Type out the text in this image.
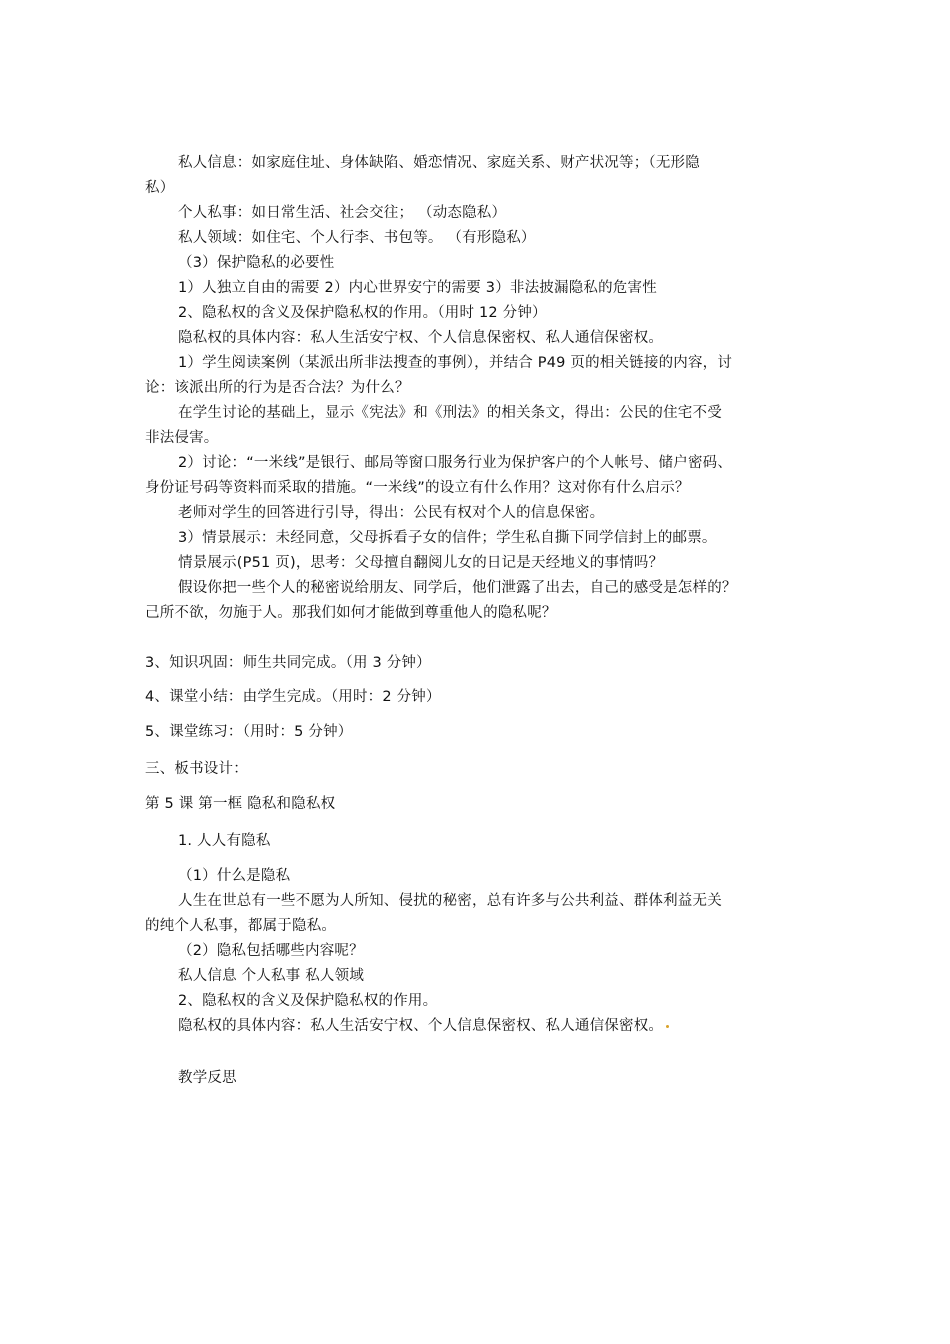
私人信息：如家庭住址、身体缺陷、婚恋情况、家庭关系、财产状况等；（无形隐
私）
个人私事：如日常生活、社会交往； （动态隐私）
私人领域：如住宅、个人行李、书包等。 （有形隐私）
（3）保护隐私的必要性
1）人独立自由的需要 2）内心世界安宁的需要 3）非法披漏隐私的危害性
2、隐私权的含义及保护隐私权的作用。（用时 12 分钟）
隐私权的具体内容：私人生活安宁权、个人信息保密权、私人通信保密权。
1）学生阅读案例（某派出所非法搜查的事例），并结合 P49 页的相关链接的内容，讨
论：该派出所的行为是否合法？为什么？
在学生讨论的基础上，显示《宪法》和《刑法》的相关条文，得出：公民的住宅不受
非法侵害。
2）讨论：“一米线”是银行、邮局等窗口服务行业为保护客户的个人帐号、储户密码、
身份证号码等资料而采取的措施。“一米线”的设立有什么作用？这对你有什么启示？
老师对学生的回答进行引导，得出：公民有权对个人的信息保密。
3）情景展示：未经同意，父母拆看子女的信件；学生私自撕下同学信封上的邮票。
情景展示(P51 页)，思考：父母擅自翻阅儿女的日记是天经地义的事情吗？
假设你把一些个人的秘密说给朋友、同学后，他们泄露了出去，自己的感受是怎样的？
己所不欲，勿施于人。那我们如何才能做到尊重他人的隐私呢？
3、知识巩固：师生共同完成。（用 3 分钟）
4、课堂小结：由学生完成。（用时：2 分钟）
5、课堂练习：（用时：5 分钟）
三、板书设计：
第 5 课 第一框 隐私和隐私权
1. 人人有隐私
（1）什么是隐私
人生在世总有一些不愿为人所知、侵扰的秘密，总有许多与公共利益、群体利益无关
的纯个人私事，都属于隐私。
（2）隐私包括哪些内容呢？
私人信息 个人私事 私人领域
2、隐私权的含义及保护隐私权的作用。
隐私权的具体内容：私人生活安宁权、个人信息保密权、私人通信保密权。
教学反思
